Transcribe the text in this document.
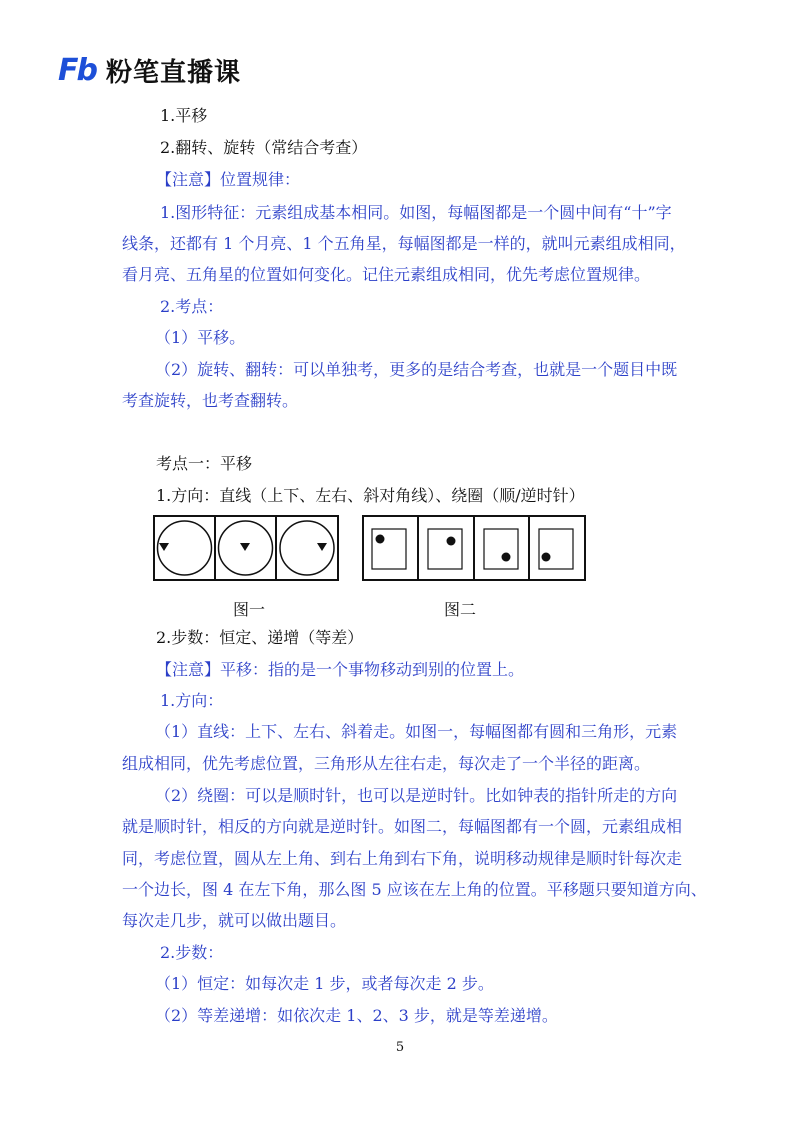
Fb 粉笔直播课
1.平移
2.翻转、旋转（常结合考查）
【注意】位置规律：
1.图形特征：元素组成基本相同。如图，每幅图都是一个圆中间有“十”字
线条，还都有 1 个月亮、1 个五角星，每幅图都是一样的，就叫元素组成相同，
看月亮、五角星的位置如何变化。记住元素组成相同，优先考虑位置规律。
2.考点：
（1）平移。
（2）旋转、翻转：可以单独考，更多的是结合考查，也就是一个题目中既
考查旋转，也考查翻转。
考点一：平移
1.方向：直线（上下、左右、斜对角线）、绕圈（顺/逆时针）
图一	图二
2.步数：恒定、递增（等差）
【注意】平移：指的是一个事物移动到别的位置上。
1.方向：
（1）直线：上下、左右、斜着走。如图一，每幅图都有圆和三角形，元素
组成相同，优先考虑位置，三角形从左往右走，每次走了一个半径的距离。
（2）绕圈：可以是顺时针，也可以是逆时针。比如钟表的指针所走的方向
就是顺时针，相反的方向就是逆时针。如图二，每幅图都有一个圆，元素组成相
同，考虑位置，圆从左上角、到右上角到右下角，说明移动规律是顺时针每次走
一个边长，图 4 在左下角，那么图 5 应该在左上角的位置。平移题只要知道方向、
每次走几步，就可以做出题目。
2.步数：
（1）恒定：如每次走 1 步，或者每次走 2 步。
（2）等差递增：如依次走 1、2、3 步，就是等差递增。
5
